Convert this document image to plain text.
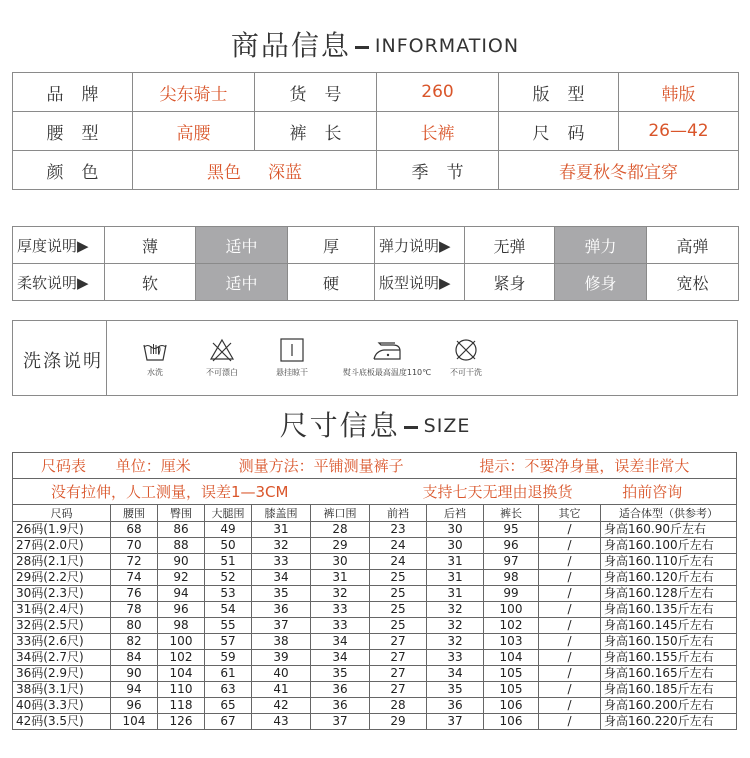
商品信息 INFORMATION
品牌	尖东骑士	货号	260	版型	韩版
腰型	高腰	裤长	长裤	尺码	26—42
颜色	黑色     深蓝		季节	春夏秋冬都宜穿	
厚度说明▶	薄	适中	厚	弹力说明▶	无弹	弹力	高弹
柔软说明▶	软	适中	硬	版型说明▶	紧身	修身	宽松
洗涤说明
水洗	不可漂白	悬挂晾干	熨斗底板最高温度110℃	不可干洗
尺寸信息 SIZE
尺码表 单位：厘米 测量方法：平铺测量裤子 提示：不要净身量，误差非常大										
没有拉伸，人工测量，误差1—3CM 支持七天无理由退换货 拍前咨询										
尺码	腰围	臀围	大腿围	膝盖围	裤口围	前裆	后裆	裤长	其它	适合体型（供参考）
26码(1.9尺)	68	86	49	31	28	23	30	95	/	身高160.90斤左右
27码(2.0尺)	70	88	50	32	29	24	30	96	/	身高160.100斤左右
28码(2.1尺)	72	90	51	33	30	24	31	97	/	身高160.110斤左右
29码(2.2尺)	74	92	52	34	31	25	31	98	/	身高160.120斤左右
30码(2.3尺)	76	94	53	35	32	25	31	99	/	身高160.128斤左右
31码(2.4尺)	78	96	54	36	33	25	32	100	/	身高160.135斤左右
32码(2.5尺)	80	98	55	37	33	25	32	102	/	身高160.145斤左右
33码(2.6尺)	82	100	57	38	34	27	32	103	/	身高160.150斤左右
34码(2.7尺)	84	102	59	39	34	27	33	104	/	身高160.155斤左右
36码(2.9尺)	90	104	61	40	35	27	34	105	/	身高160.165斤左右
38码(3.1尺)	94	110	63	41	36	27	35	105	/	身高160.185斤左右
40码(3.3尺)	96	118	65	42	36	28	36	106	/	身高160.200斤左右
42码(3.5尺)	104	126	67	43	37	29	37	106	/	身高160.220斤左右
